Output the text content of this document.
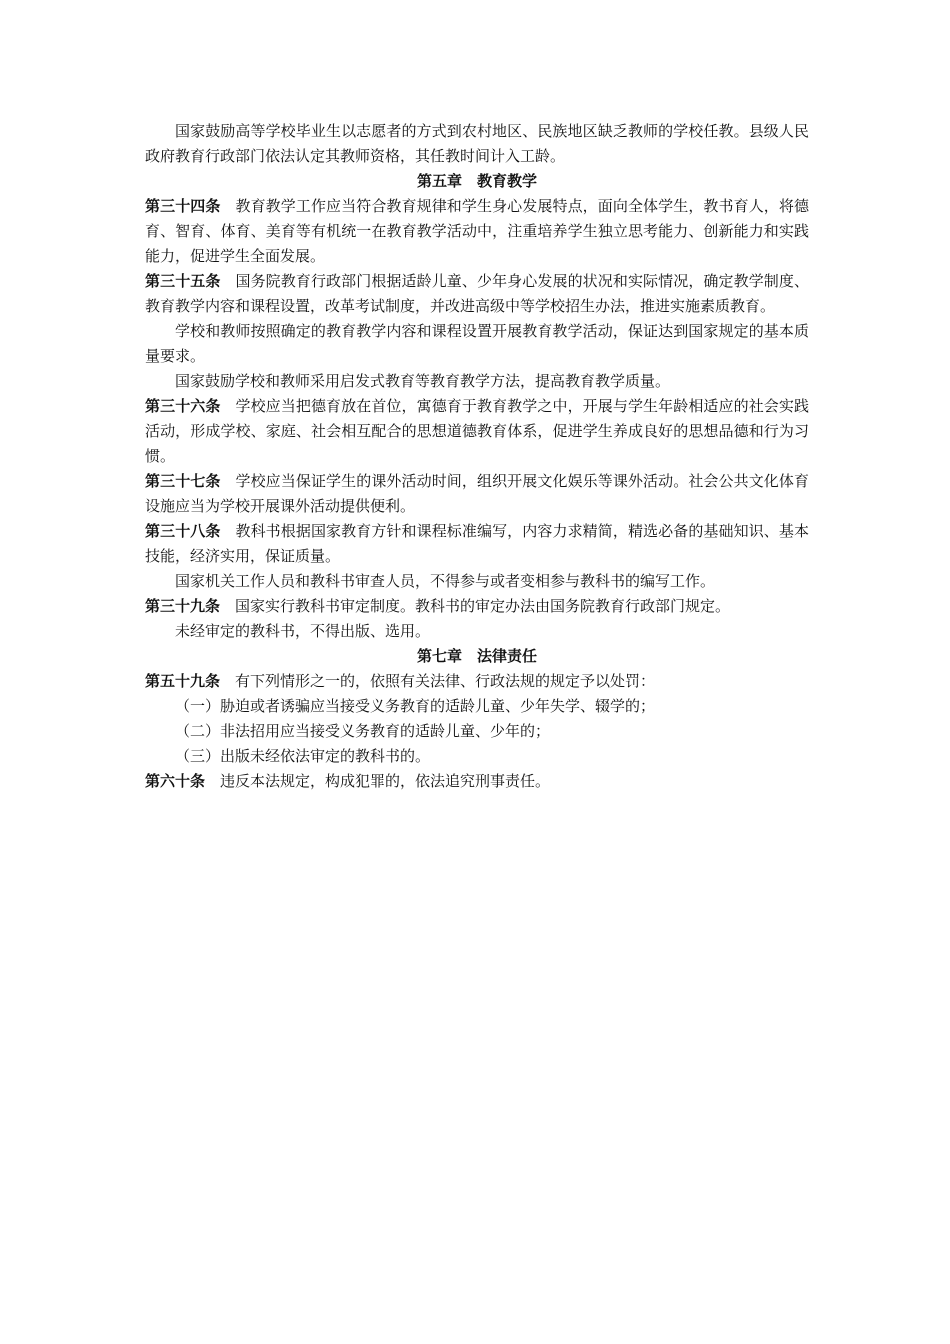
国家鼓励高等学校毕业生以志愿者的方式到农村地区、民族地区缺乏教师的学校任教。县级人民政府教育行政部门依法认定其教师资格，其任教时间计入工龄。

第五章　教育教学

第三十四条 教育教学工作应当符合教育规律和学生身心发展特点，面向全体学生，教书育人，将德育、智育、体育、美育等有机统一在教育教学活动中，注重培养学生独立思考能力、创新能力和实践能力，促进学生全面发展。

第三十五条 国务院教育行政部门根据适龄儿童、少年身心发展的状况和实际情况，确定教学制度、教育教学内容和课程设置，改革考试制度，并改进高级中等学校招生办法，推进实施素质教育。

学校和教师按照确定的教育教学内容和课程设置开展教育教学活动，保证达到国家规定的基本质量要求。

国家鼓励学校和教师采用启发式教育等教育教学方法，提高教育教学质量。

第三十六条 学校应当把德育放在首位，寓德育于教育教学之中，开展与学生年龄相适应的社会实践活动，形成学校、家庭、社会相互配合的思想道德教育体系，促进学生养成良好的思想品德和行为习惯。

第三十七条 学校应当保证学生的课外活动时间，组织开展文化娱乐等课外活动。社会公共文化体育设施应当为学校开展课外活动提供便利。

第三十八条 教科书根据国家教育方针和课程标准编写，内容力求精简，精选必备的基础知识、基本技能，经济实用，保证质量。

国家机关工作人员和教科书审查人员，不得参与或者变相参与教科书的编写工作。

第三十九条 国家实行教科书审定制度。教科书的审定办法由国务院教育行政部门规定。

未经审定的教科书，不得出版、选用。

第七章　法律责任

第五十九条 有下列情形之一的，依照有关法律、行政法规的规定予以处罚：

（一）胁迫或者诱骗应当接受义务教育的适龄儿童、少年失学、辍学的；

（二）非法招用应当接受义务教育的适龄儿童、少年的；

（三）出版未经依法审定的教科书的。

第六十条 违反本法规定，构成犯罪的，依法追究刑事责任。
